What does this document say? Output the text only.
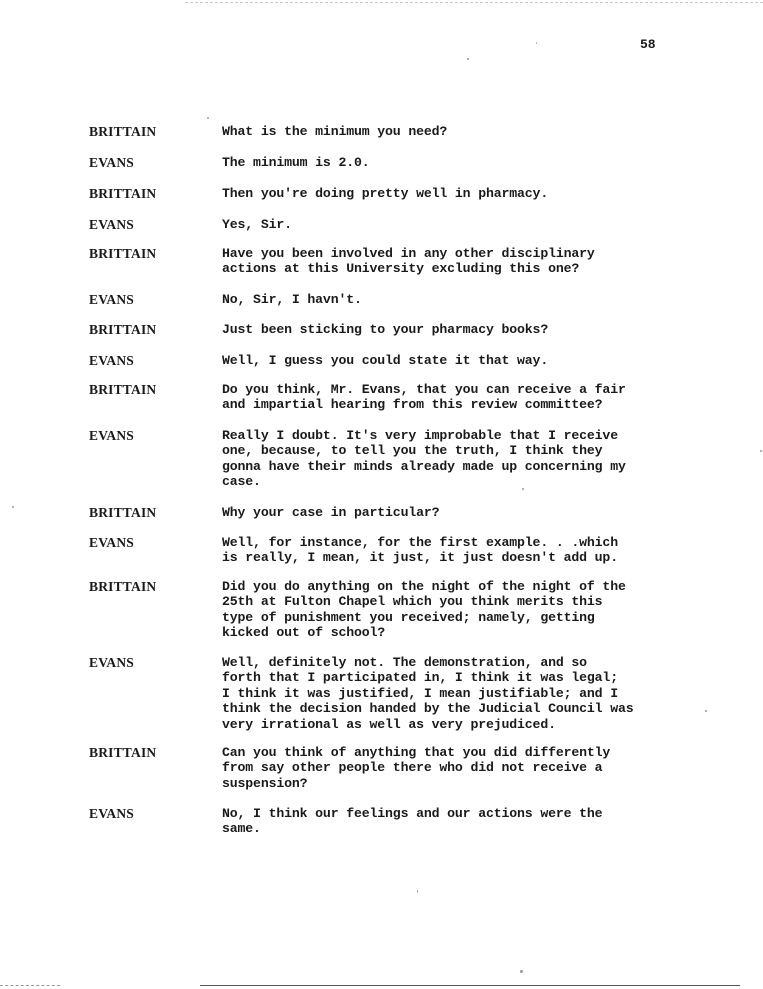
58
BRITTAIN	What is the minimum you need?
EVANS	The minimum is 2.0.
BRITTAIN	Then you're doing pretty well in pharmacy.
EVANS	Yes, Sir.
BRITTAIN	Have you been involved in any other disciplinary
actions at this University excluding this one?
EVANS	No, Sir, I havn't.
BRITTAIN	Just been sticking to your pharmacy books?
EVANS	Well, I guess you could state it that way.
BRITTAIN	Do you think, Mr. Evans, that you can receive a fair
and impartial hearing from this review committee?
EVANS	Really I doubt. It's very improbable that I receive
one, because, to tell you the truth, I think they
gonna have their minds already made up concerning my
case.
BRITTAIN	Why your case in particular?
EVANS	Well, for instance, for the first example. . .which
is really, I mean, it just, it just doesn't add up.
BRITTAIN	Did you do anything on the night of the night of the
25th at Fulton Chapel which you think merits this
type of punishment you received; namely, getting
kicked out of school?
EVANS	Well, definitely not. The demonstration, and so
forth that I participated in, I think it was legal;
I think it was justified, I mean justifiable; and I
think the decision handed by the Judicial Council was
very irrational as well as very prejudiced.
BRITTAIN	Can you think of anything that you did differently
from say other people there who did not receive a
suspension?
EVANS	No, I think our feelings and our actions were the
same.
